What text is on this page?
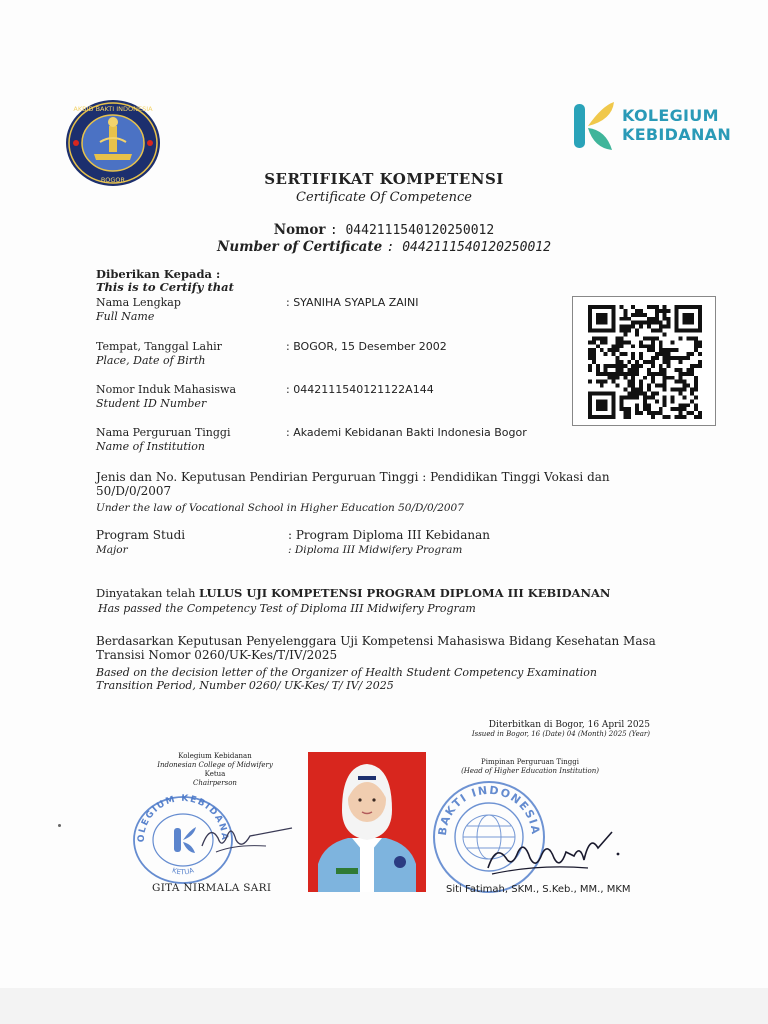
AKBID BAKTI INDONESIA
BOGOR
KOLEGIUM
KEBIDANAN
SERTIFIKAT KOMPETENSI
Certificate Of Competence
Nomor : 0442111540120250012
Number of Certificate : 0442111540120250012
Diberikan Kepada :
This is to Certify that
Nama Lengkap
Full Name
: SYANIHA SYAPLA ZAINI
Tempat, Tanggal Lahir
Place, Date of Birth
: BOGOR, 15 Desember 2002
Nomor Induk Mahasiswa
Student ID Number
: 0442111540121122A144
Nama Perguruan Tinggi
Name of Institution
: Akademi Kebidanan Bakti Indonesia Bogor
Jenis dan No. Keputusan Pendirian Perguruan Tinggi : Pendidikan Tinggi Vokasi dan 50/D/0/2007
Under the law of Vocational School in Higher Education 50/D/0/2007
Program Studi
Major
: Program Diploma III Kebidanan
: Diploma III Midwifery Program
Dinyatakan telah LULUS UJI KOMPETENSI PROGRAM DIPLOMA III KEBIDANAN
Has passed the Competency Test of Diploma III Midwifery Program
Berdasarkan Keputusan Penyelenggara Uji Kompetensi Mahasiswa Bidang Kesehatan Masa Transisi Nomor 0260/UK-Kes/T/IV/2025
Based on the decision letter of the Organizer of Health Student Competency Examination Transition Period, Number 0260/ UK-Kes/ T/ IV/ 2025
Diterbitkan di Bogor, 16 April 2025
Issued in Bogor, 16 (Date) 04 (Month) 2025 (Year)
Kolegium Kebidanan
Indonesian College of Midwifery
Ketua
Chairperson
OLEGIUM KEBIDANA
KETUA
Pimpinan Perguruan Tinggi
(Head of Higher Education Institution)
BAKTI INDONESIA
GITA NIRMALA SARI	Siti Fatimah, SKM., S.Keb., MM., MKM
